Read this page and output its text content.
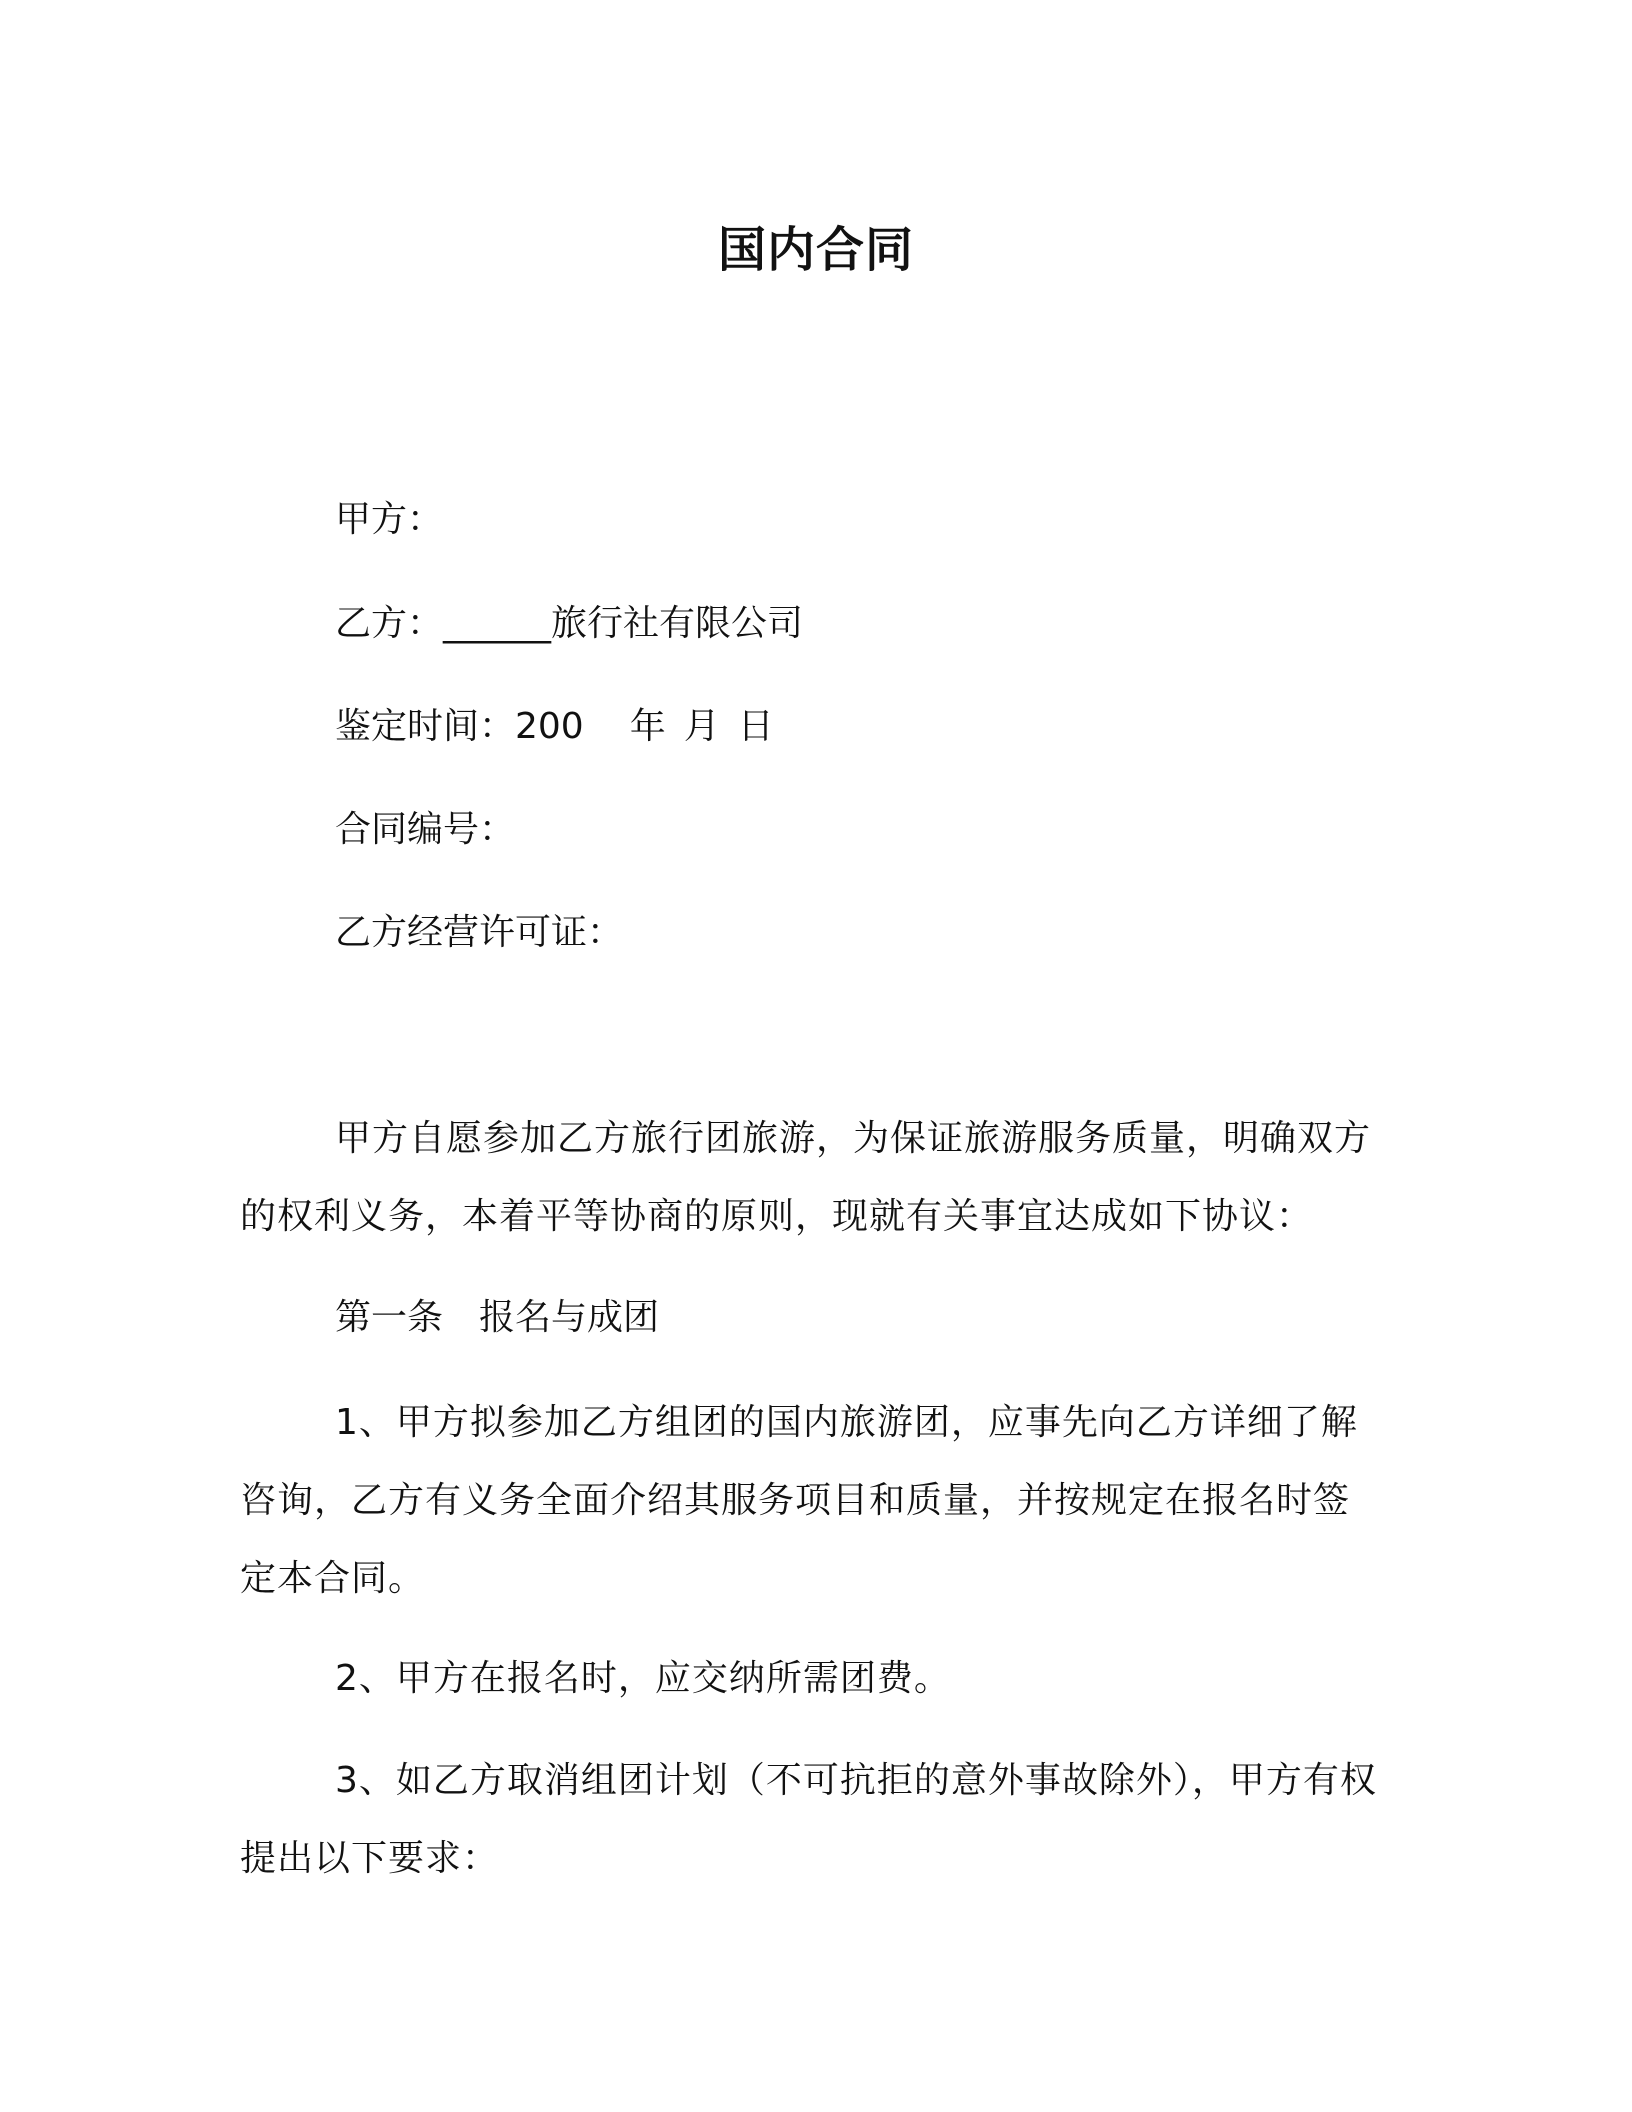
国内合同
甲方：
乙方：______旅行社有限公司
鉴定时间：200 年 月 日
合同编号：
乙方经营许可证：

甲方自愿参加乙方旅行团旅游，为保证旅游服务质量，明确双方的权利义务，本着平等协商的原则，现就有关事宜达成如下协议：

第一条　报名与成团

1、甲方拟参加乙方组团的国内旅游团，应事先向乙方详细了解咨询，乙方有义务全面介绍其服务项目和质量，并按规定在报名时签定本合同。

2、甲方在报名时，应交纳所需团费。

3、如乙方取消组团计划（不可抗拒的意外事故除外），甲方有权提出以下要求：
